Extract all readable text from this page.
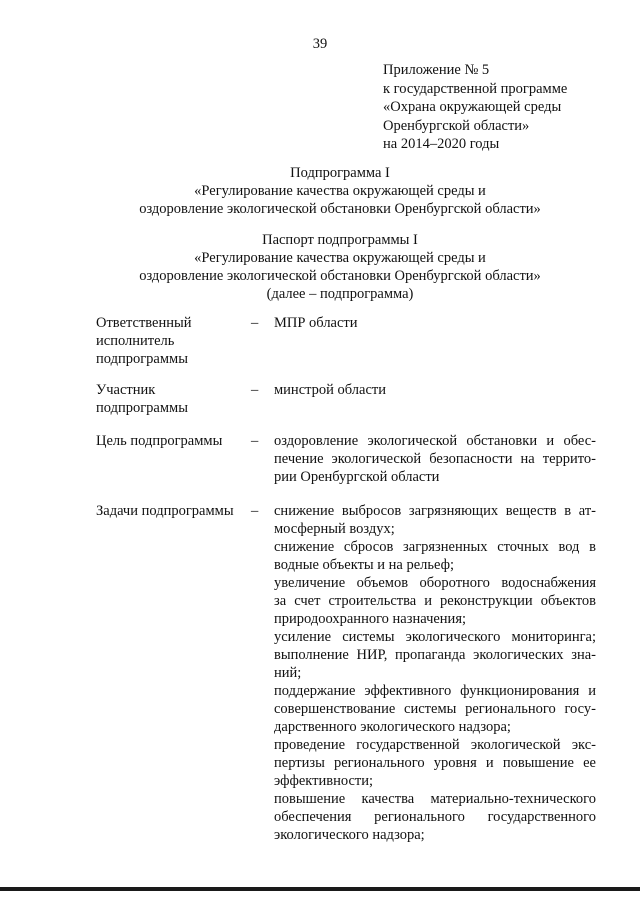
39
Приложение № 5
к государственной программе
«Охрана окружающей среды
Оренбургской области»
на 2014–2020 годы
Подпрограмма I
«Регулирование качества окружающей среды и
оздоровление экологической обстановки Оренбургской области»
Паспорт подпрограммы I
«Регулирование качества окружающей среды и
оздоровление экологической обстановки Оренбургской области»
(далее – подпрограмма)
Ответственный
исполнитель
подпрограммы
– МПР области
Участник
подпрограммы
– минстрой области
Цель подпрограммы	– оздоровление экологической обстановки и обес-
печение экологической безопасности на террито-
рии Оренбургской области
Задачи подпрограммы	– снижение выбросов загрязняющих веществ в ат-
мосферный воздух;
снижение сбросов загрязненных сточных вод в
водные объекты и на рельеф;
увеличение объемов оборотного водоснабжения
за счет строительства и реконструкции объектов
природоохранного назначения;
усиление системы экологического мониторинга;
выполнение НИР, пропаганда экологических зна-
ний;
поддержание эффективного функционирования и
совершенствование системы регионального госу-
дарственного экологического надзора;
проведение государственной экологической экс-
пертизы регионального уровня и повышение ее
эффективности;
повышение качества материально-технического
обеспечения регионального государственного
экологического надзора;
